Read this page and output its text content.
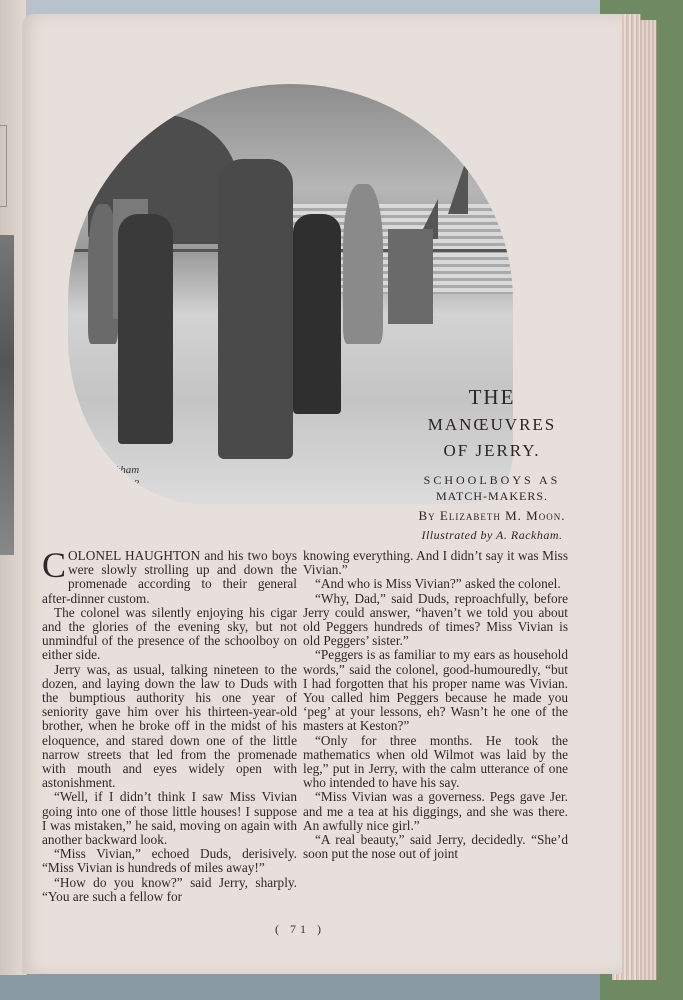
A. Rackham
98
THE
MANŒUVRES
OF JERRY.
SCHOOLBOYS AS
MATCH-MAKERS.
By Elizabeth M. Moon.
Illustrated by A. Rackham.

COLONEL HAUGHTON and his two boys were slowly strolling up and down the promenade according to their general after-dinner custom.

The colonel was silently enjoying his cigar and the glories of the evening sky, but not unmindful of the presence of the schoolboy on either side.

Jerry was, as usual, talking nineteen to the dozen, and laying down the law to Duds with the bumptious authority his one year of seniority gave him over his thirteen-year-old brother, when he broke off in the midst of his eloquence, and stared down one of the little narrow streets that led from the promenade with mouth and eyes widely open with astonishment.

“Well, if I didn’t think I saw Miss Vivian going into one of those little houses! I suppose I was mistaken,” he said, moving on again with another backward look.

“Miss Vivian,” echoed Duds, derisively. “Miss Vivian is hundreds of miles away!”

“How do you know?” said Jerry, sharply. “You are such a fellow for

knowing everything. And I didn’t say it was Miss Vivian.”

“And who is Miss Vivian?” asked the colonel.

“Why, Dad,” said Duds, reproachfully, before Jerry could answer, “haven’t we told you about old Peggers hundreds of times? Miss Vivian is old Peggers’ sister.”

“Peggers is as familiar to my ears as household words,” said the colonel, good-humouredly, “but I had forgotten that his proper name was Vivian. You called him Peggers because he made you ‘peg’ at your lessons, eh? Wasn’t he one of the masters at Keston?”

“Only for three months. He took the mathematics when old Wilmot was laid by the leg,” put in Jerry, with the calm utterance of one who intended to have his say.

“Miss Vivian was a governess. Pegs gave Jer. and me a tea at his diggings, and she was there. An awfully nice girl.”

“A real beauty,” said Jerry, decidedly. “She’d soon put the nose out of joint

( 71 )
